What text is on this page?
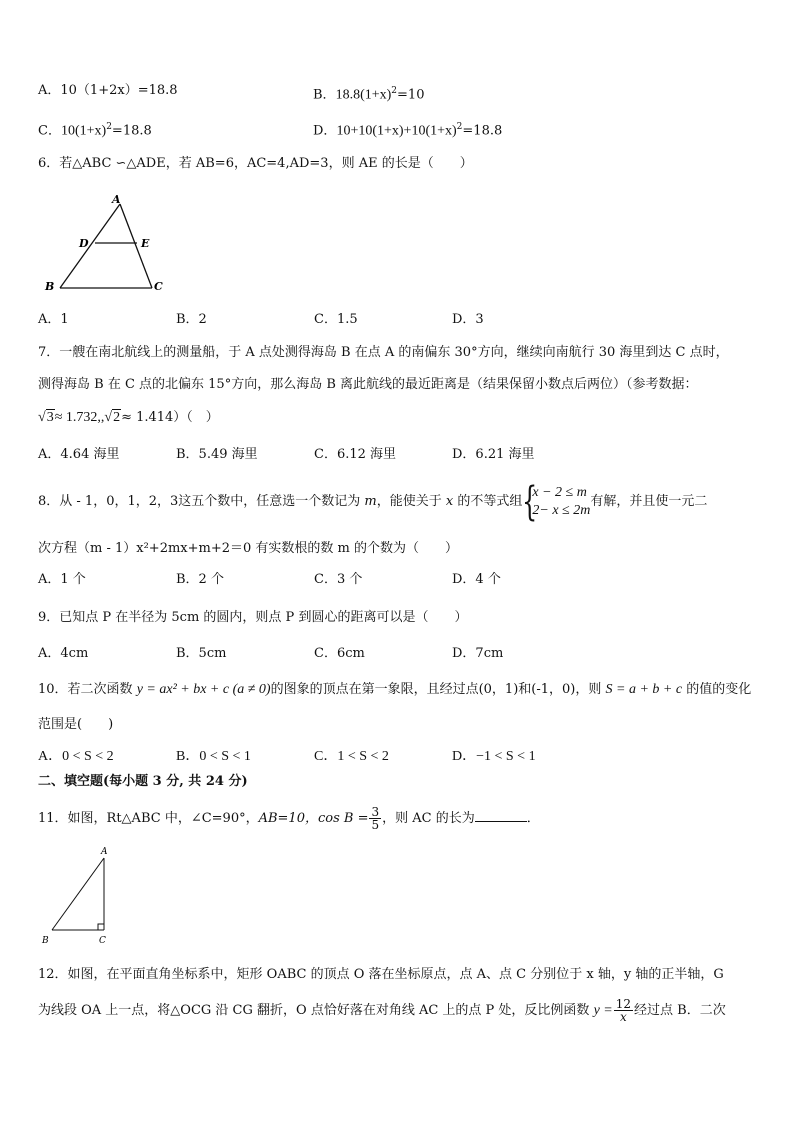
A．10（1+2x）=18.8	B．$18.8(1+x)^2=10$
C．$10(1+x)^2=18.8$	D．$10+10(1+x)+10(1+x)^2=18.8$
6．若△ABC ∽△ADE，若 AB=6，AC=4,AD=3，则 AE 的长是（　　）
A
D	E
B	C
A．1	B．2	C．1.5	D．3
7．一艘在南北航线上的测量船，于 A 点处测得海岛 B 在点 A 的南偏东 30°方向，继续向南航行 30 海里到达 C 点时，
测得海岛 B 在 C 点的北偏东 15°方向，那么海岛 B 离此航线的最近距离是（结果保留小数点后两位）（参考数据：
√3≈ 1.732,,√2≈ 1.414）（　）
A．4.64 海里	B．5.49 海里	C．6.12 海里	D．6.21 海里
8．从 - 1，0，1，2，3这五个数中，任意选一个数记为 m，能使关于 x 的不等式组 {
x − 2 ≤ m
2− x ≤ 2m
有解，并且使一元二
次方程（m - 1）x²+2mx+m+2＝0 有实数根的数 m 的个数为（　　）
A．1 个	B．2 个	C．3 个	D．4 个
9．已知点 P 在半径为 5cm 的圆内，则点 P 到圆心的距离可以是（　　）
A．4cm	B．5cm	C．6cm	D．7cm
10．若二次函数 y = ax² + bx + c (a ≠ 0)的图象的顶点在第一象限，且经过点(0，1)和(-1，0)，则 S = a + b + c 的值的变化
范围是(　　)
A．0 < S < 2	B．0 < S < 1	C．1 < S < 2	D．−1 < S < 1
二、填空题(每小题 3 分, 共 24 分)
11．如图，Rt△ABC 中，∠C=90°，AB=10，$\cos B = \frac{3}{5}$ ，则 AC 的长为	．
A
B	C
12．如图，在平面直角坐标系中，矩形 OABC 的顶点 O 落在坐标原点，点 A、点 C 分别位于 x 轴，y 轴的正半轴，G
为线段 OA 上一点，将△OCG 沿 CG 翻折，O 点恰好落在对角线 AC 上的点 P 处，反比例函数 $y = \frac{12}{x}$ 经过点 B．二次
